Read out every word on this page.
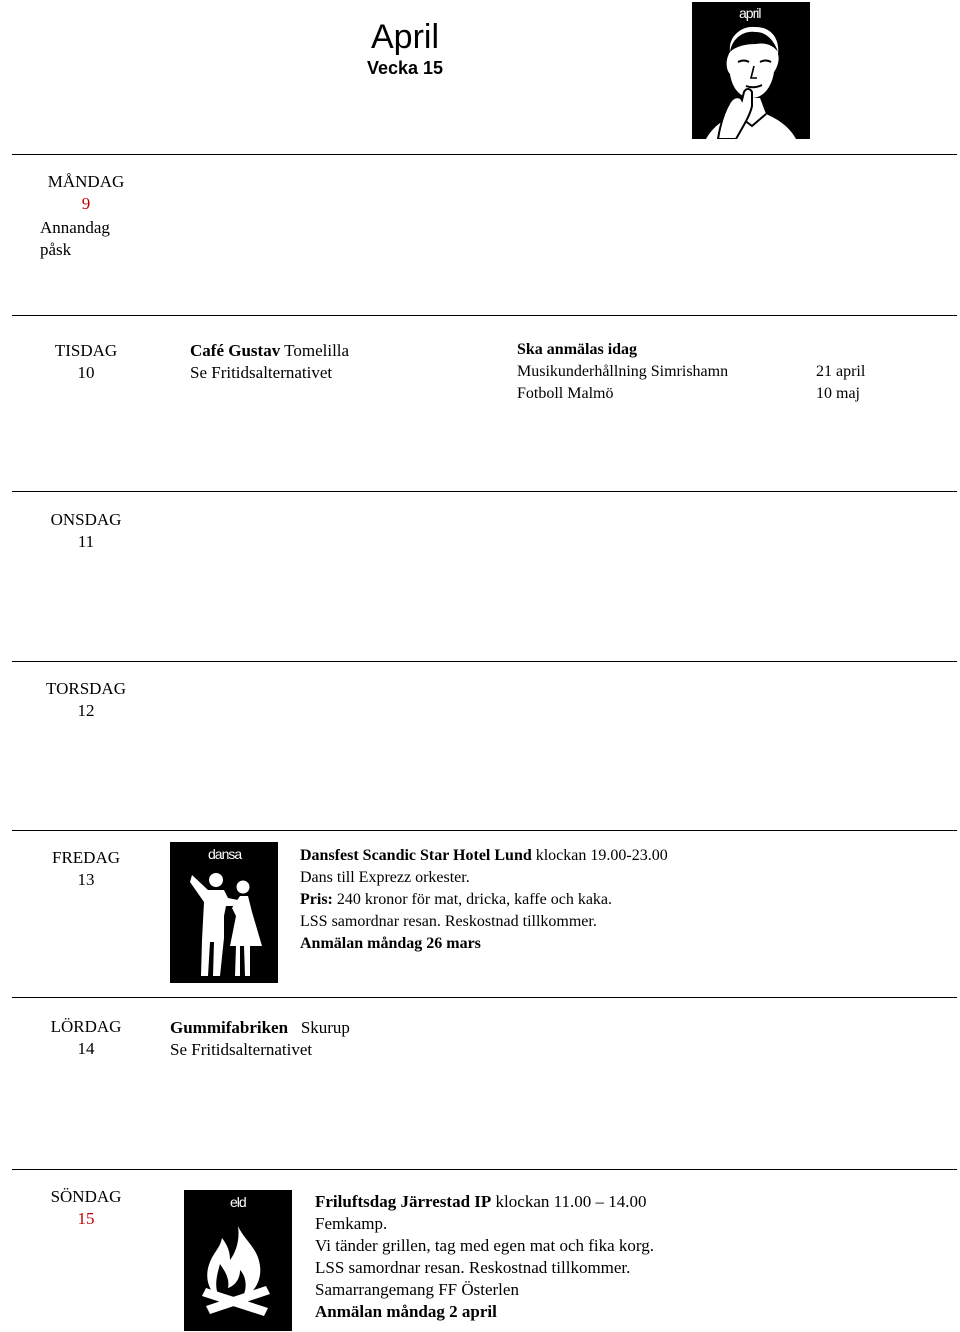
April
Vecka 15
april
MÅNDAG
9
Annandag
påsk
TISDAG
10
Café Gustav Tomelilla
Se Fritidsalternativet
Ska anmälas idag
Musikunderhållning Simrishamn
Fotboll Malmö
21 april
10 maj
ONSDAG
11
TORSDAG
12
FREDAG
13
dansa	Dansfest Scandic Star Hotel Lund klockan 19.00-23.00
Dans till Exprezz orkester.
Pris: 240 kronor för mat, dricka, kaffe och kaka.
LSS samordnar resan. Reskostnad tillkommer.
Anmälan måndag 26 mars
LÖRDAG
14
Gummifabriken Skurup
Se Fritidsalternativet
SÖNDAG
15
eld	Friluftsdag Järrestad IP klockan 11.00 – 14.00
Femkamp.
Vi tänder grillen, tag med egen mat och fika korg.
LSS samordnar resan. Reskostnad tillkommer.
Samarrangemang FF Österlen
Anmälan måndag 2 april
